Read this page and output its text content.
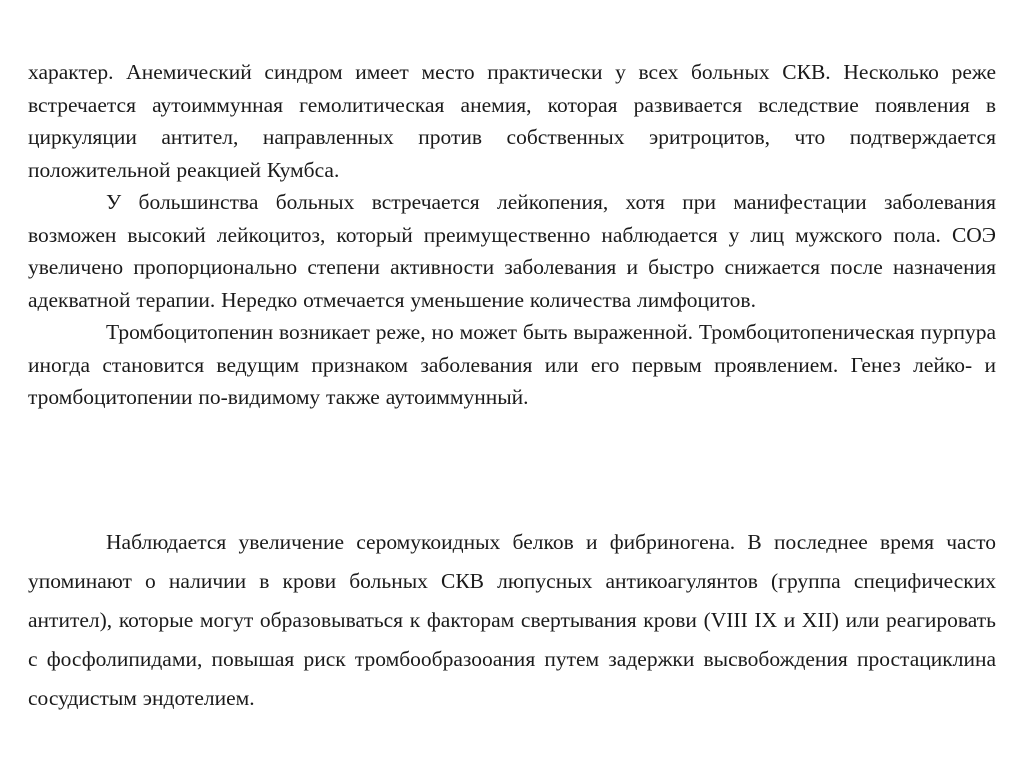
характер. Анемический синдром имеет место практически у всех больных СКВ. Несколько реже встречается аутоиммунная гемолитическая анемия, которая развивается вследствие появления в циркуляции антител, направленных против собственных эритроцитов, что подтверждается положительной реакцией Кумбса.

У большинства больных встречается лейкопения, хотя при манифестации заболевания возможен высокий лейкоцитоз, который преимущественно наблюдается у лиц мужского пола. СОЭ увеличено пропорционально степени активности заболевания и быстро снижается после назначения адекватной терапии. Нередко отмечается уменьшение количества лимфоцитов.

Тромбоцитопенин возникает реже, но может быть выраженной. Тромбоцитопеническая пурпура иногда становится ведущим признаком заболевания или его первым проявлением. Генез лейко- и тромбоцитопении по-видимому также аутоиммунный.

Наблюдается увеличение серомукоидных белков и фибриногена. В последнее время часто упоминают о наличии в крови больных СКВ люпусных антикоагулянтов (группа специфических антител), которые могут образовываться к факторам свертывания крови (VIII IX и XII) или реагировать с фосфолипидами, повышая риск тромбообразооания путем задержки высвобождения простациклина сосудистым эндотелием.
